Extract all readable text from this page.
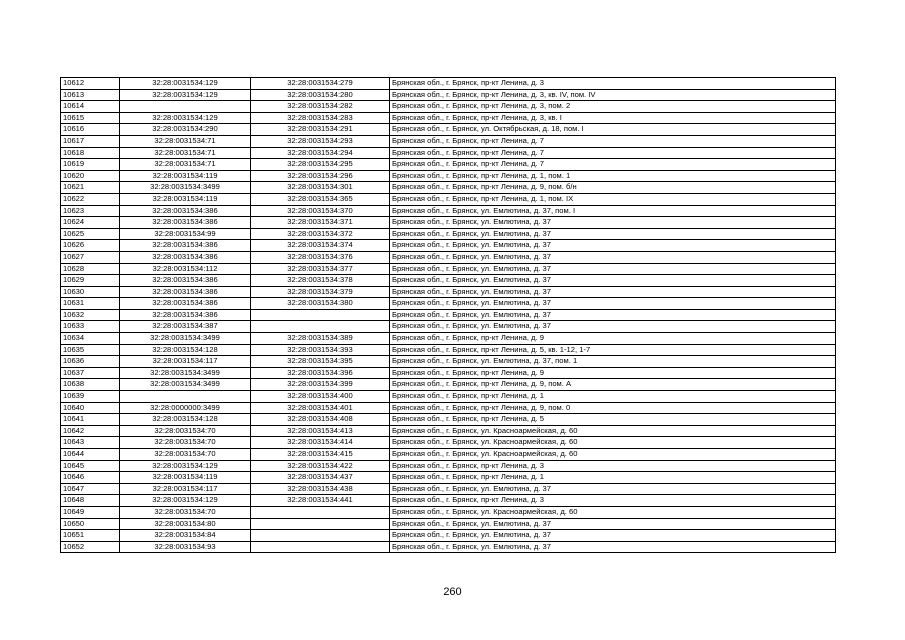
10612	32:28:0031534:129	32:28:0031534:279	Брянская обл., г. Брянск, пр-кт Ленина, д. 3
10613	32:28:0031534:129	32:28:0031534:280	Брянская обл., г. Брянск, пр-кт Ленина, д. 3, кв. IV, пом. IV
10614		32:28:0031534:282	Брянская обл., г. Брянск, пр-кт Ленина, д. 3, пом. 2
10615	32:28:0031534:129	32:28:0031534:283	Брянская обл., г. Брянск, пр-кт Ленина, д. 3, кв. I
10616	32:28:0031534:290	32:28:0031534:291	Брянская обл., г. Брянск, ул. Октябрьская, д. 18, пом. I
10617	32:28:0031534:71	32:28:0031534:293	Брянская обл., г. Брянск, пр-кт Ленина, д. 7
10618	32:28:0031534:71	32:28:0031534:294	Брянская обл., г. Брянск, пр-кт Ленина, д. 7
10619	32:28:0031534:71	32:28:0031534:295	Брянская обл., г. Брянск, пр-кт Ленина, д. 7
10620	32:28:0031534:119	32:28:0031534:296	Брянская обл., г. Брянск, пр-кт Ленина, д. 1, пом. 1
10621	32:28:0031534:3499	32:28:0031534:301	Брянская обл., г. Брянск, пр-кт Ленина, д. 9, пом. б/н
10622	32:28:0031534:119	32:28:0031534:365	Брянская обл., г. Брянск, пр-кт Ленина, д. 1, пом. IX
10623	32:28:0031534:386	32:28:0031534:370	Брянская обл., г. Брянск, ул. Емлютина, д. 37, пом. I
10624	32:28:0031534:386	32:28:0031534:371	Брянская обл., г. Брянск, ул. Емлютина, д. 37
10625	32:28:0031534:99	32:28:0031534:372	Брянская обл., г. Брянск, ул. Емлютина, д. 37
10626	32:28:0031534:386	32:28:0031534:374	Брянская обл., г. Брянск, ул. Емлютина, д. 37
10627	32:28:0031534:386	32:28:0031534:376	Брянская обл., г. Брянск, ул. Емлютина, д. 37
10628	32:28:0031534:112	32:28:0031534:377	Брянская обл., г. Брянск, ул. Емлютина, д. 37
10629	32:28:0031534:386	32:28:0031534:378	Брянская обл., г. Брянск, ул. Емлютина, д. 37
10630	32:28:0031534:386	32:28:0031534:379	Брянская обл., г. Брянск, ул. Емлютина, д. 37
10631	32:28:0031534:386	32:28:0031534:380	Брянская обл., г. Брянск, ул. Емлютина, д. 37
10632	32:28:0031534:386		Брянская обл., г. Брянск, ул. Емлютина, д. 37
10633	32:28:0031534:387		Брянская обл., г. Брянск, ул. Емлютина, д. 37
10634	32:28:0031534:3499	32:28:0031534:389	Брянская обл., г. Брянск, пр-кт Ленина, д. 9
10635	32:28:0031534:128	32:28:0031534:393	Брянская обл., г. Брянск, пр-кт Ленина, д. 5, кв. 1-12, 1-7
10636	32:28:0031534:117	32:28:0031534:395	Брянская обл., г. Брянск, ул. Емлютина, д. 37, пом. 1
10637	32:28:0031534:3499	32:28:0031534:396	Брянская обл., г. Брянск, пр-кт Ленина, д. 9
10638	32:28:0031534:3499	32:28:0031534:399	Брянская обл., г. Брянск, пр-кт Ленина, д. 9, пом. А
10639		32:28:0031534:400	Брянская обл., г. Брянск, пр-кт Ленина, д. 1
10640	32:28:0000000:3499	32:28:0031534:401	Брянская обл., г. Брянск, пр-кт Ленина, д. 9, пом. 0
10641	32:28:0031534:128	32:28:0031534:408	Брянская обл., г. Брянск, пр-кт Ленина, д. 5
10642	32:28:0031534:70	32:28:0031534:413	Брянская обл., г. Брянск, ул. Красноармейская, д. 60
10643	32:28:0031534:70	32:28:0031534:414	Брянская обл., г. Брянск, ул. Красноармейская, д. 60
10644	32:28:0031534:70	32:28:0031534:415	Брянская обл., г. Брянск, ул. Красноармейская, д. 60
10645	32:28:0031534:129	32:28:0031534:422	Брянская обл., г. Брянск, пр-кт Ленина, д. 3
10646	32:28:0031534:119	32:28:0031534:437	Брянская обл., г. Брянск, пр-кт Ленина, д. 1
10647	32:28:0031534:117	32:28:0031534:438	Брянская обл., г. Брянск, ул. Емлютина, д. 37
10648	32:28:0031534:129	32:28:0031534:441	Брянская обл., г. Брянск, пр-кт Ленина, д. 3
10649	32:28:0031534:70		Брянская обл., г. Брянск, ул. Красноармейская, д. 60
10650	32:28:0031534:80		Брянская обл., г. Брянск, ул. Емлютина, д. 37
10651	32:28:0031534:84		Брянская обл., г. Брянск, ул. Емлютина, д. 37
10652	32:28:0031534:93		Брянская обл., г. Брянск, ул. Емлютина, д. 37
260
